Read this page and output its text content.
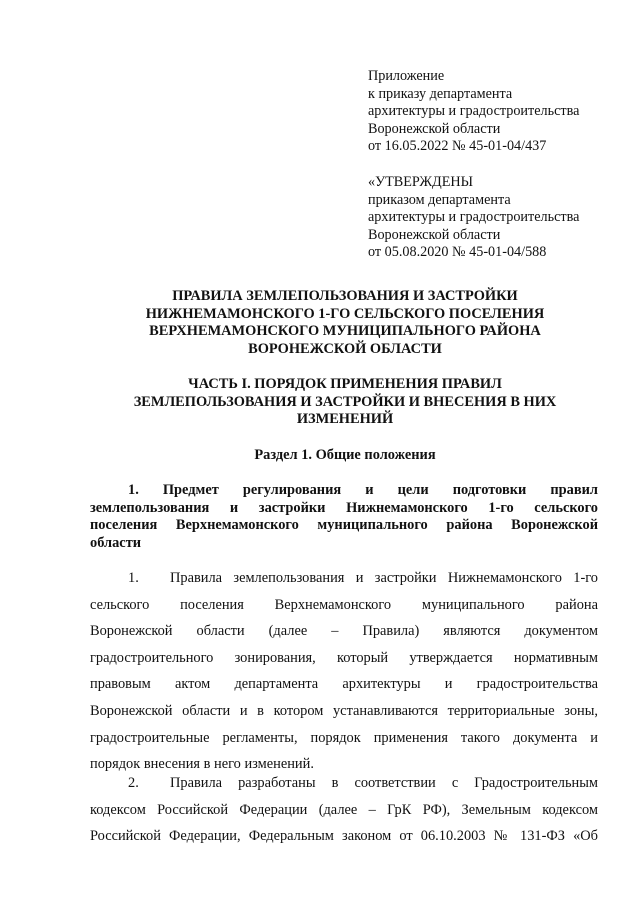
Приложение
к приказу департамента
архитектуры и градостроительства
Воронежской области
от 16.05.2022 № 45-01-04/437
«УТВЕРЖДЕНЫ
приказом департамента
архитектуры и градостроительства
Воронежской области
от 05.08.2020 № 45-01-04/588
ПРАВИЛА ЗЕМЛЕПОЛЬЗОВАНИЯ И ЗАСТРОЙКИ
НИЖНЕМАМОНСКОГО 1-ГО СЕЛЬСКОГО ПОСЕЛЕНИЯ
ВЕРХНЕМАМОНСКОГО МУНИЦИПАЛЬНОГО РАЙОНА
ВОРОНЕЖСКОЙ ОБЛАСТИ
ЧАСТЬ I. ПОРЯДОК ПРИМЕНЕНИЯ ПРАВИЛ
ЗЕМЛЕПОЛЬЗОВАНИЯ И ЗАСТРОЙКИ И ВНЕСЕНИЯ В НИХ
ИЗМЕНЕНИЙ
Раздел 1. Общие положения
1. Предмет регулирования и цели подготовки правил
землепользования и застройки Нижнемамонского 1-го сельского
поселения Верхнемамонского муниципального района Воронежской
области
1. Правила землепользования и застройки Нижнемамонского 1-го
сельского поселения Верхнемамонского муниципального района
Воронежской области (далее – Правила) являются документом
градостроительного зонирования, который утверждается нормативным
правовым актом департамента архитектуры и градостроительства
Воронежской области и в котором устанавливаются территориальные зоны,
градостроительные регламенты, порядок применения такого документа и
порядок внесения в него изменений.
2. Правила разработаны в соответствии с Градостроительным
кодексом Российской Федерации (далее – ГрК РФ), Земельным кодексом
Российской Федерации, Федеральным законом от 06.10.2003 № 131-ФЗ «Об
